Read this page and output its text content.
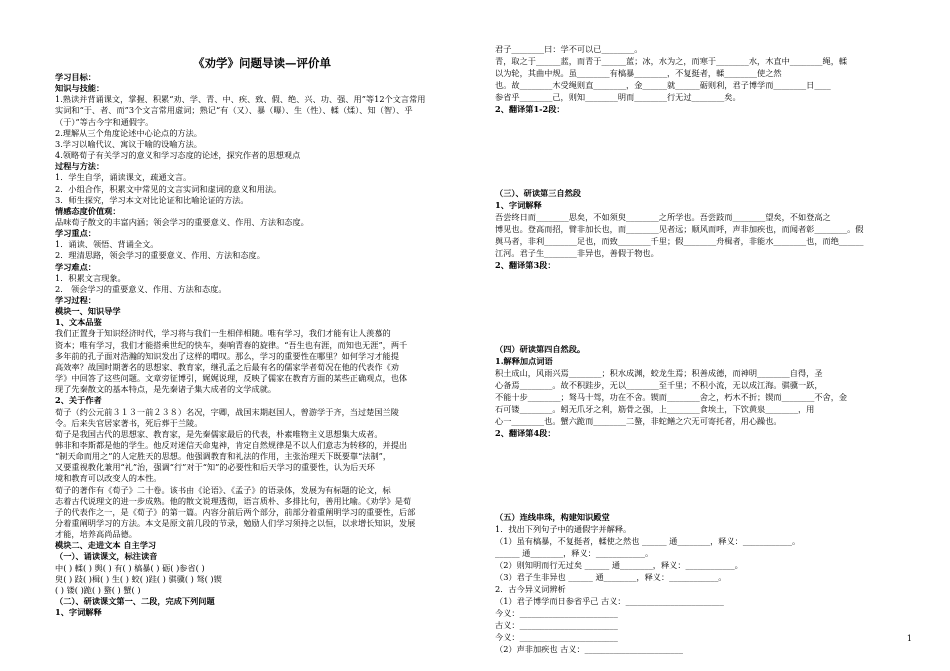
《劝学》问题导读—评价单
学习目标：
知识与技能：
1.熟读并背诵课文，掌握、积累“劝、学、青、中、疾、致、假、绝、兴、功、强、用”等12个文言常用
实词和“于、者、而”3个文言常用虚词；熟记“有（又）、暴（曝）、生（性）、輮（煣）、知（智）、乎
（于）”等古今字和通假字。
2.理解从三个角度论述中心论点的方法。
3.学习以喻代议、寓议于喻的设喻方法。
4.领略荀子有关学习的意义和学习态度的论述，探究作者的思想观点
过程与方法：
1．学生自学，诵读课文，疏通文言。
2．小组合作，积累文中常见的文言实词和虚词的意义和用法。
3．师生探究，学习本文对比论证和比喻论证的方法。
情感态度价值观：
品味荀子散文的丰富内涵；领会学习的重要意义、作用、方法和态度。
学习重点：
1．诵读、领悟、背诵全文。
2．理清思路，领会学习的重要意义、作用、方法和态度。
学习难点：
1．积累文言现象。
2． 领会学习的重要意义、作用、方法和态度。
学习过程：
模块一、知识导学
1、文本品鉴
我们正置身于知识经济时代，学习将与我们一生相伴相随。唯有学习，我们才能有让人羡慕的
资本；唯有学习，我们才能搭乘世纪的快车，奏响青春的旋律。“吾生也有涯，而知也无涯”，两千
多年前的孔子面对浩瀚的知识发出了这样的喟叹。那么，学习的重要性在哪里？如何学习才能提
高效率？战国时期著名的思想家、教育家，继孔孟之后最有名的儒家学者荀况在他的代表作《劝
学》中回答了这些问题。文章旁征博引，娓娓说理，反映了儒家在教育方面的某些正确观点，也体
现了先秦散文的基本特点，是先秦诸子集大成者的文学成就。
2、关于作者
荀子（约公元前３１３一前２３８）名况，字卿，战国末期赵国人，曾游学于齐，当过楚国兰陵
令。后来失官居家著书，死后葬于兰陵。
荀子是我国古代的思想家、教育家，是先秦儒家最后的代表，朴素唯物主义思想集大成者。
韩非和李斯都是他的学生。他反对迷信天命鬼神，肯定自然规律是不以人们意志为转移的，并提出
“制天命而用之”的人定胜天的思想。他强调教育和礼法的作用，主张治理天下既要靠“法制”，
又要重视教化兼用“礼”治，强调“行”对于“知”的必要性和后天学习的重要性，认为后天环
境和教育可以改变人的本性。
荀子的著作有《荀子》二十卷。该书由《论语》、《孟子》的语录体，发展为有标题的论文，标
志着古代说理文的进一步成熟。他的散文说理透彻，语言质朴、多排比句，善用比喻。《劝学》是荀
子的代表作之一，是《荀子》的第一篇。内容分前后两个部分，前部分着重阐明学习的重要性，后部
分着重阐明学习的方法。本文是原文前几段的节录，勉励人们学习须持之以恒，以求增长知识，发展
才能，培养高尚品德。
模块二、走进文本 自主学习
（一）、诵读课文，标注读音
中( ) 輮( ) 舆( ) 有( ) 槁暴( ) 砺( )参省( )
臾( ) 跂( )楫( ) 生( ) 蛟( )跬( ) 骐骥( ) 驽( )锲
( ) 镂( )跪( ) 螯( ) 蟹( )
（二）、研读课文第一、二段，完成下列问题
1、字词解释
君子________曰：学不可以已________。
青，取之于______蓝，而青于______蓝；冰，水为之，而寒于________水，木直中________绳，輮
以为轮，其曲中规。虽________有槁暴________，不复挺者，輮________使之然
也。故________木受绳则直________，金______就______砺则利，君子博学而________日____
参省乎________己，则知________明而________行无过________矣。
2、翻译第1-2段：
（三）、研读第三自然段
1、字词解释
吾尝终日而________思矣，不如须臾________之所学也。吾尝跂而________望矣，不如登高之
博见也。登高而招，臂非加长也，而________见者远；顺风而呼，声非加疾也，而闻者彰________。假
舆马者，非利________足也，而致________千里；假________舟楫者，非能水________也，而绝______
江河。君子生________非异也，善假于物也。
2、翻译第3段：
（四）研读第四自然段。
1.解释加点词语
积土成山，风雨兴焉________；积水成渊，蛟龙生焉；积善成德，而神明________自得，圣
心备焉________。故不积跬步，无以________至千里；不积小流，无以成江海。骐骥一跃，
不能十步________；驽马十驾，功在不舍。锲而________舍之，朽木不折；锲而________不舍，金
石可镂________。蚓无爪牙之利，筋骨之强，上________食埃土，下饮黄泉________，用
心一________也。蟹六跪而________二螯，非蛇鳝之穴无可寄托者，用心躁也。
2、翻译第4段：
（五）连线串珠，构建知识殿堂
1．找出下列句子中的通假字并解释。
（1）虽有槁暴，不复挺者，輮使之然也 ______ 通________，释义：____________。
______ 通________，释义：____________。
（2）则知明而行无过矣 ______ 通________，释义：____________。
（3）君子生非异也 ______ 通________，释义：____________。
2．古今异义词辨析
（1）君子博学而日参省乎己 古义：________________________
今义：________________________
古义：________________________
今义：________________________
（2）声非加疾也 古义：________________________
1
